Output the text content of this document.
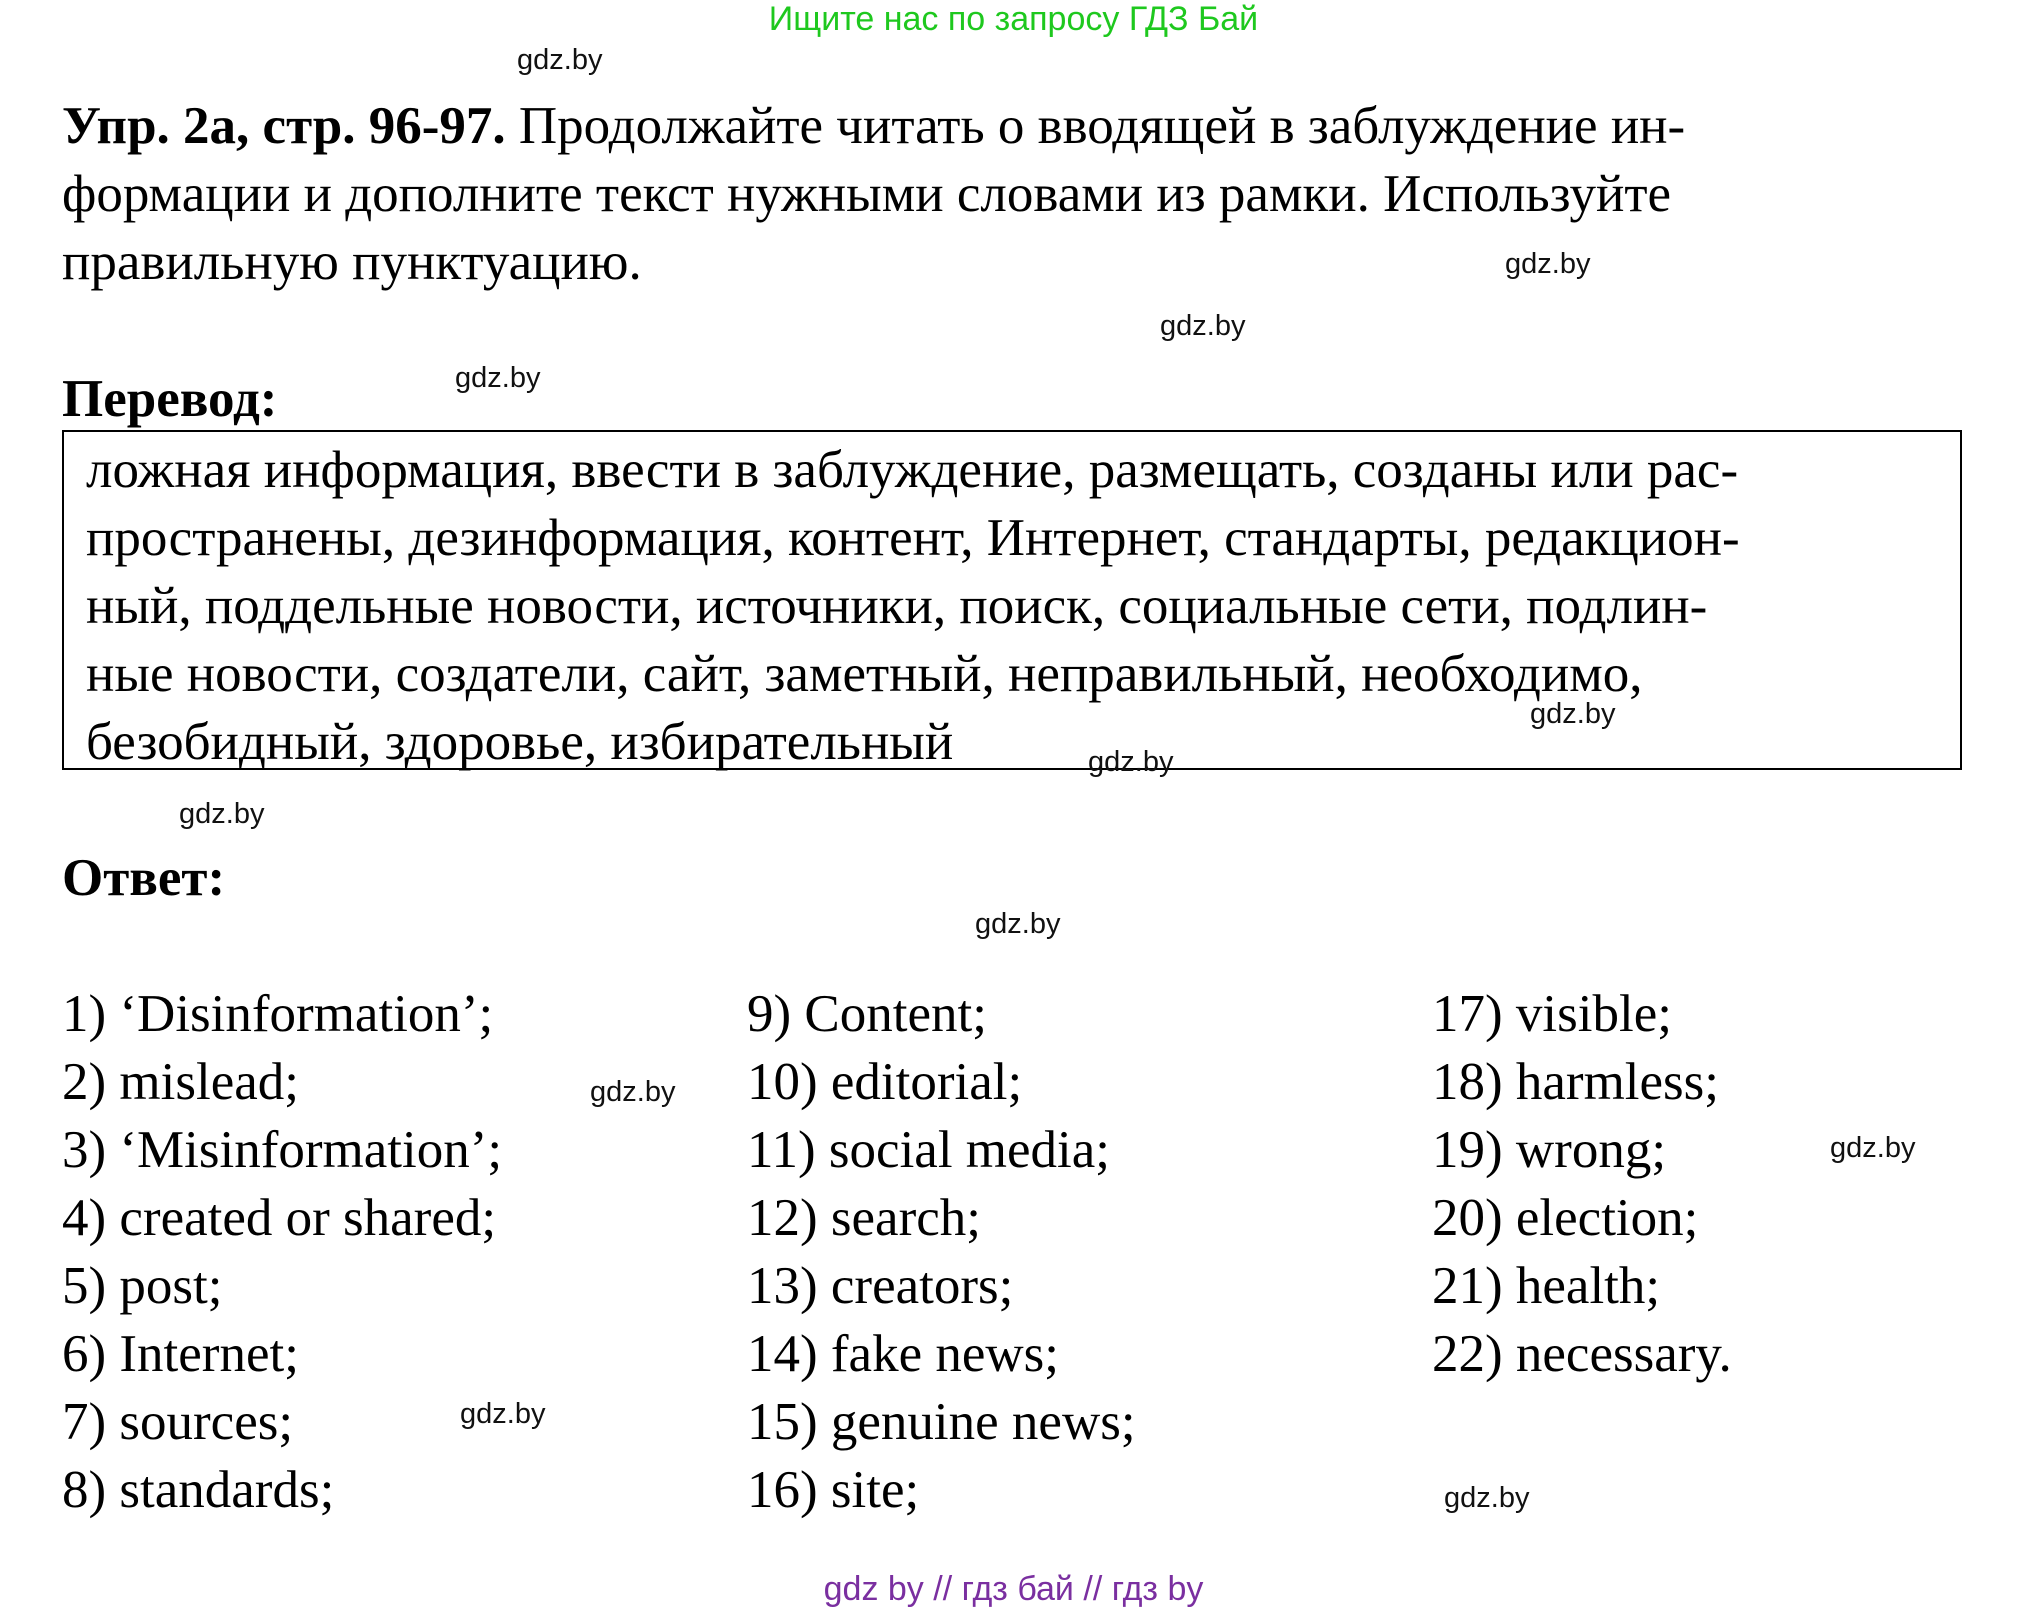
Ищите нас по запросу ГДЗ Бай
Упр. 2а, стр. 96-97. Продолжайте читать о вводящей в заблуждение ин-
формации и дополните текст нужными словами из рамки. Используйте
правильную пунктуацию.
Перевод:
ложная информация, ввести в заблуждение, размещать, созданы или рас-
пространены, дезинформация, контент, Интернет, стандарты, редакцион-
ный, поддельные новости, источники, поиск, социальные сети, подлин-
ные новости, создатели, сайт, заметный, неправильный, необходимо,
безобидный, здоровье, избирательный
Ответ:
1) ‘Disinformation’;
2) mislead;
3) ‘Misinformation’;
4) created or shared;
5) post;
6) Internet;
7) sources;
8) standards;
9) Content;
10) editorial;
11) social media;
12) search;
13) creators;
14) fake news;
15) genuine news;
16) site;
17) visible;
18) harmless;
19) wrong;
20) election;
21) health;
22) necessary.
gdz.by
gdz.by
gdz.by
gdz.by
gdz.by
gdz.by
gdz.by
gdz.by
gdz.by
gdz.by
gdz.by
gdz.by
gdz by // гдз бай // гдз by
